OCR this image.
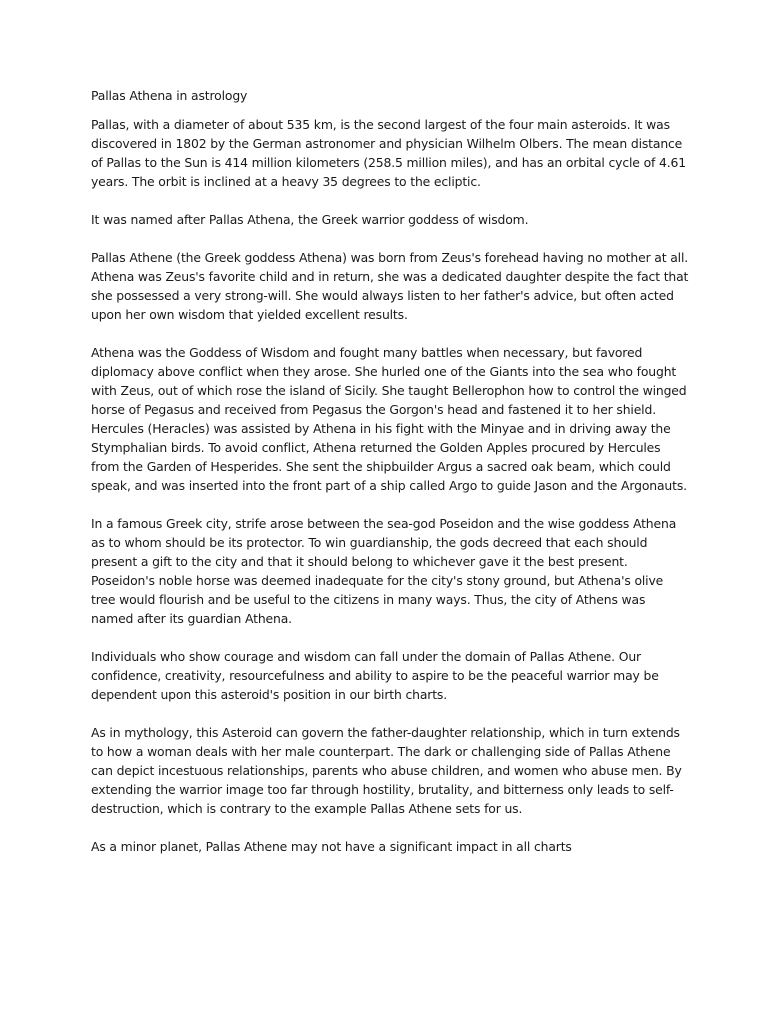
Pallas Athena in astrology

Pallas, with a diameter of about 535 km, is the second largest of the four main asteroids. It was discovered in 1802 by the German astronomer and physician Wilhelm Olbers. The mean distance of Pallas to the Sun is 414 million kilometers (258.5 million miles), and has an orbital cycle of 4.61 years. The orbit is inclined at a heavy 35 degrees to the ecliptic.

It was named after Pallas Athena, the Greek warrior goddess of wisdom.

Pallas Athene (the Greek goddess Athena) was born from Zeus's forehead having no mother at all. Athena was Zeus's favorite child and in return, she was a dedicated daughter despite the fact that she possessed a very strong-will. She would always listen to her father's advice, but often acted upon her own wisdom that yielded excellent results.

Athena was the Goddess of Wisdom and fought many battles when necessary, but favored diplomacy above conflict when they arose. She hurled one of the Giants into the sea who fought with Zeus, out of which rose the island of Sicily. She taught Bellerophon how to control the winged horse of Pegasus and received from Pegasus the Gorgon's head and fastened it to her shield. Hercules (Heracles) was assisted by Athena in his fight with the Minyae and in driving away the Stymphalian birds. To avoid conflict, Athena returned the Golden Apples procured by Hercules from the Garden of Hesperides. She sent the shipbuilder Argus a sacred oak beam, which could speak, and was inserted into the front part of a ship called Argo to guide Jason and the Argonauts.

In a famous Greek city, strife arose between the sea-god Poseidon and the wise goddess Athena as to whom should be its protector. To win guardianship, the gods decreed that each should present a gift to the city and that it should belong to whichever gave it the best present. Poseidon's noble horse was deemed inadequate for the city's stony ground, but Athena's olive tree would flourish and be useful to the citizens in many ways. Thus, the city of Athens was named after its guardian Athena.

Individuals who show courage and wisdom can fall under the domain of Pallas Athene. Our confidence, creativity, resourcefulness and ability to aspire to be the peaceful warrior may be dependent upon this asteroid's position in our birth charts.

As in mythology, this Asteroid can govern the father-daughter relationship, which in turn extends to how a woman deals with her male counterpart. The dark or challenging side of Pallas Athene can depict incestuous relationships, parents who abuse children, and women who abuse men. By extending the warrior image too far through hostility, brutality, and bitterness only leads to self-destruction, which is contrary to the example Pallas Athene sets for us.

As a minor planet, Pallas Athene may not have a significant impact in all charts
